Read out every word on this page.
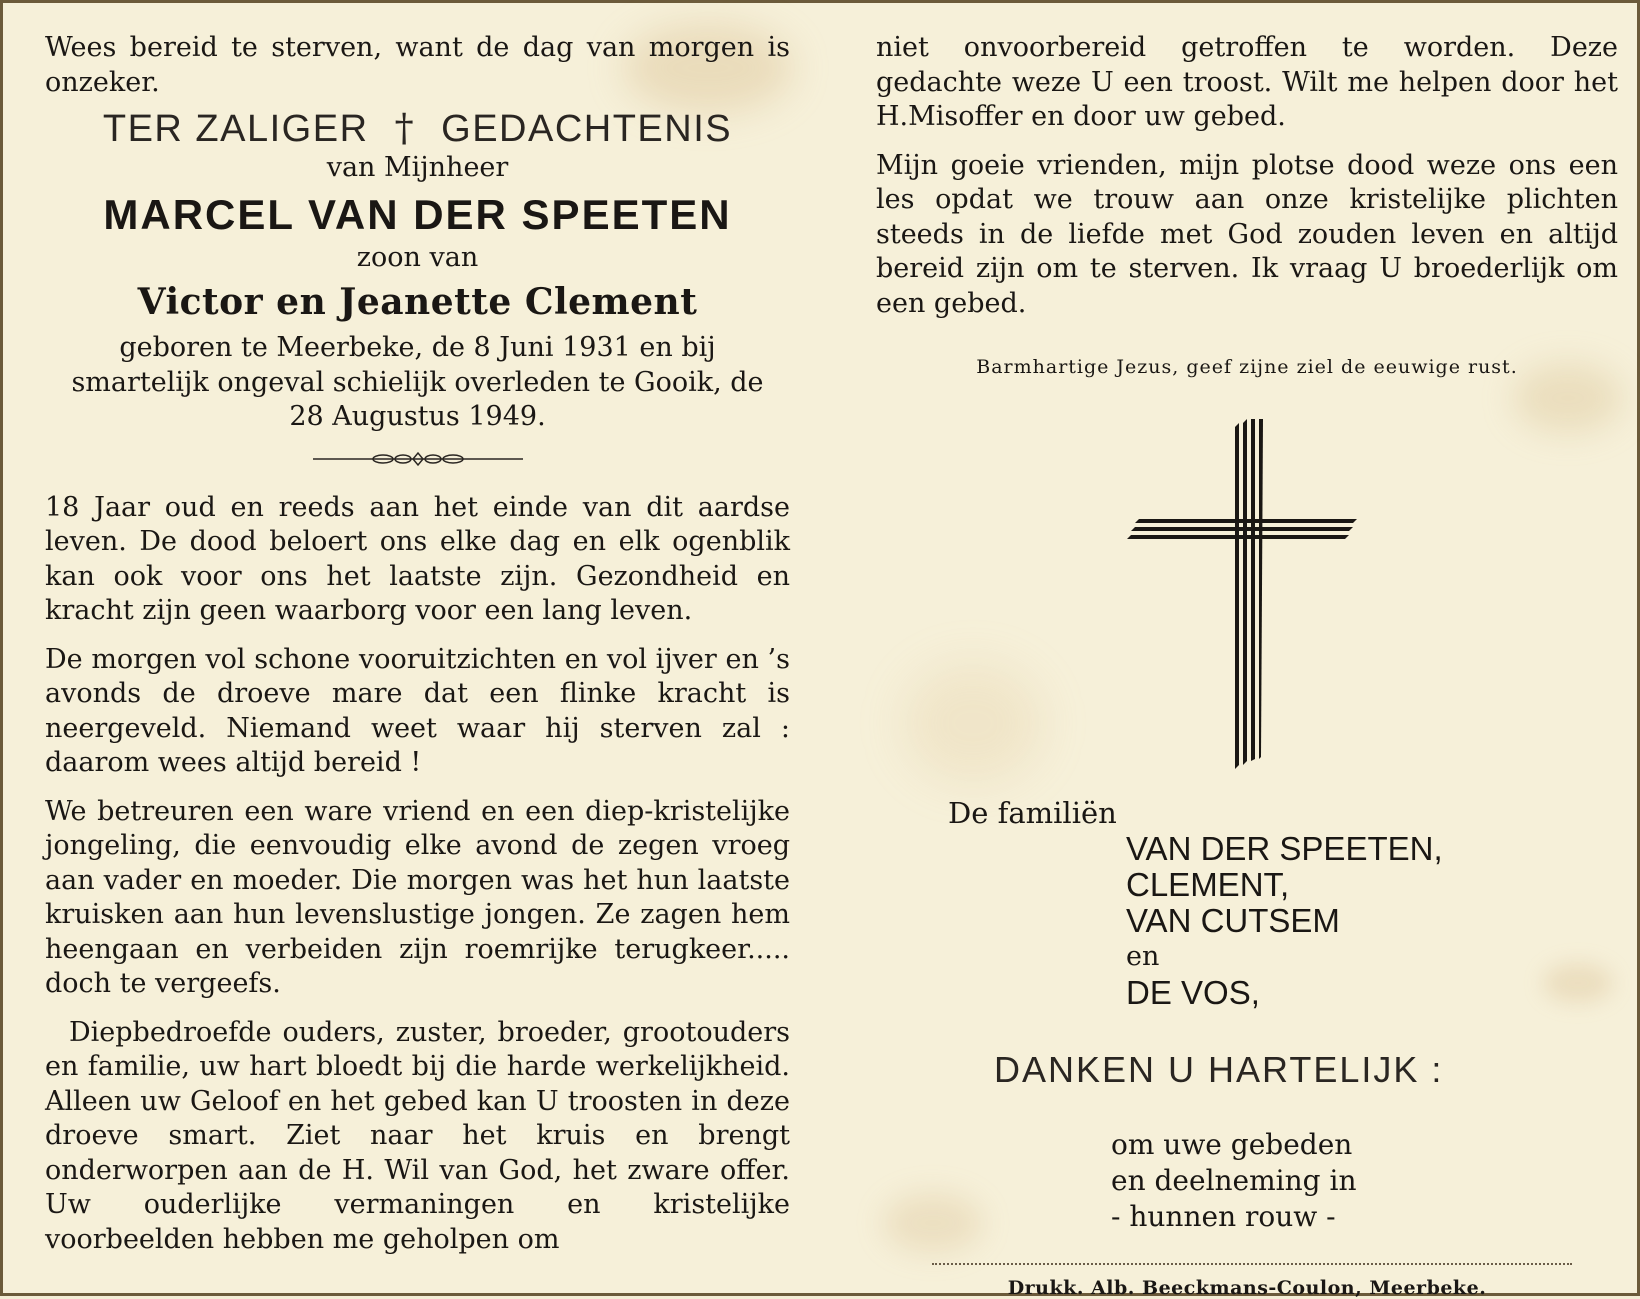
Wees bereid te sterven, want de dag van morgen is onzeker.

TER ZALIGER † GEDACHTENIS

van Mijnheer

MARCEL VAN DER SPEETEN

zoon van

Victor en Jeanette Clement

geboren te Meerbeke, de 8 Juni 1931 en bij smartelijk ongeval schielijk overleden te Gooik, de 28 Augustus 1949.

18 Jaar oud en reeds aan het einde van dit aardse leven. De dood beloert ons elke dag en elk ogenblik kan ook voor ons het laatste zijn. Gezondheid en kracht zijn geen waarborg voor een lang leven.

De morgen vol schone vooruitzichten en vol ijver en ’s avonds de droeve mare dat een flinke kracht is neergeveld. Niemand weet waar hij sterven zal : daarom wees altijd bereid !

We betreuren een ware vriend en een diep-kristelijke jongeling, die eenvoudig elke avond de zegen vroeg aan vader en moeder. Die morgen was het hun laatste kruisken aan hun levenslustige jongen. Ze zagen hem heengaan en verbeiden zijn roemrijke terugkeer..... doch te vergeefs.

Diepbedroefde ouders, zuster, broeder, grootouders en familie, uw hart bloedt bij die harde werkelijkheid. Alleen uw Geloof en het gebed kan U troosten in deze droeve smart. Ziet naar het kruis en brengt onderworpen aan de H. Wil van God, het zware offer. Uw ouderlijke vermaningen en kristelijke voorbeelden hebben me geholpen om

niet onvoorbereid getroffen te worden. Deze gedachte weze U een troost. Wilt me helpen door het H.Misoffer en door uw gebed.

Mijn goeie vrienden, mijn plotse dood weze ons een les opdat we trouw aan onze kristelijke plichten steeds in de liefde met God zouden leven en altijd bereid zijn om te sterven. Ik vraag U broederlijk om een gebed.

Barmhartige Jezus, geef zijne ziel de eeuwige rust.

De familiën

VAN DER SPEETEN,

CLEMENT,

VAN CUTSEM

en

DE VOS,

DANKEN U HARTELIJK :

om uwe gebeden

en deelneming in

- hunnen rouw -

Drukk. Alb. Beeckmans-Coulon, Meerbeke.
